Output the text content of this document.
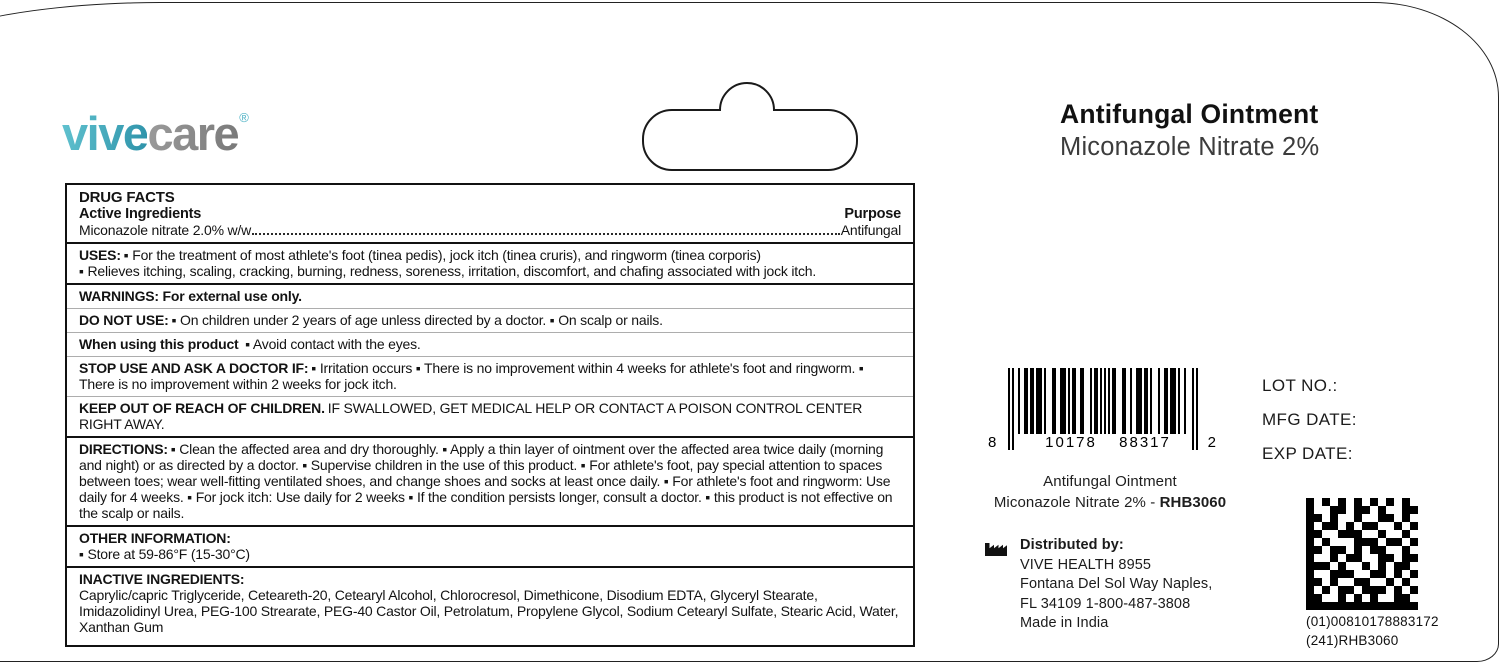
vivecare®	Antifungal Ointment
Miconazole Nitrate 2%
DRUG FACTS
Active Ingredients	Purpose
Miconazole nitrate 2.0% w/w	Antifungal

USES: ▪ For the treatment of most athlete's foot (tinea pedis), jock itch (tinea cruris), and ringworm (tinea corporis)

▪ Relieves itching, scaling, cracking, burning, redness, soreness, irritation, discomfort, and chafing associated with jock itch.

WARNINGS: For external use only.

DO NOT USE: ▪ On children under 2 years of age unless directed by a doctor. ▪ On scalp or nails.

When using this product ▪ Avoid contact with the eyes.

STOP USE AND ASK A DOCTOR IF: ▪ Irritation occurs ▪ There is no improvement within 4 weeks for athlete's foot and ringworm. ▪ There is no improvement within 2 weeks for jock itch.

KEEP OUT OF REACH OF CHILDREN. IF SWALLOWED, GET MEDICAL HELP OR CONTACT A POISON CONTROL CENTER RIGHT AWAY.

DIRECTIONS: ▪ Clean the affected area and dry thoroughly. ▪ Apply a thin layer of ointment over the affected area twice daily (morning and night) or as directed by a doctor. ▪ Supervise children in the use of this product. ▪ For athlete's foot, pay special attention to spaces between toes; wear well-fitting ventilated shoes, and change shoes and socks at least once daily. ▪ For athlete's foot and ringworm: Use daily for 4 weeks. ▪ For jock itch: Use daily for 2 weeks ▪ If the condition persists longer, consult a doctor. ▪ this product is not effective on the scalp or nails.

OTHER INFORMATION:

▪ Store at 59-86°F (15-30°C)

INACTIVE INGREDIENTS:

Caprylic/capric Triglyceride, Ceteareth-20, Cetearyl Alcohol, Chlorocresol, Dimethicone, Disodium EDTA, Glyceryl Stearate, Imidazolidinyl Urea, PEG-100 Strearate, PEG-40 Castor Oil, Petrolatum, Propylene Glycol, Sodium Cetearyl Sulfate, Stearic Acid, Water, Xanthan Gum

8	10178	88317	2
LOT NO.:
MFG DATE:
EXP DATE:
Antifungal Ointment
Miconazole Nitrate 2% - RHB3060
Distributed by:
VIVE HEALTH 8955
Fontana Del Sol Way Naples,
FL 34109 1-800-487-3808
Made in India	(01)00810178883172
(241)RHB3060
